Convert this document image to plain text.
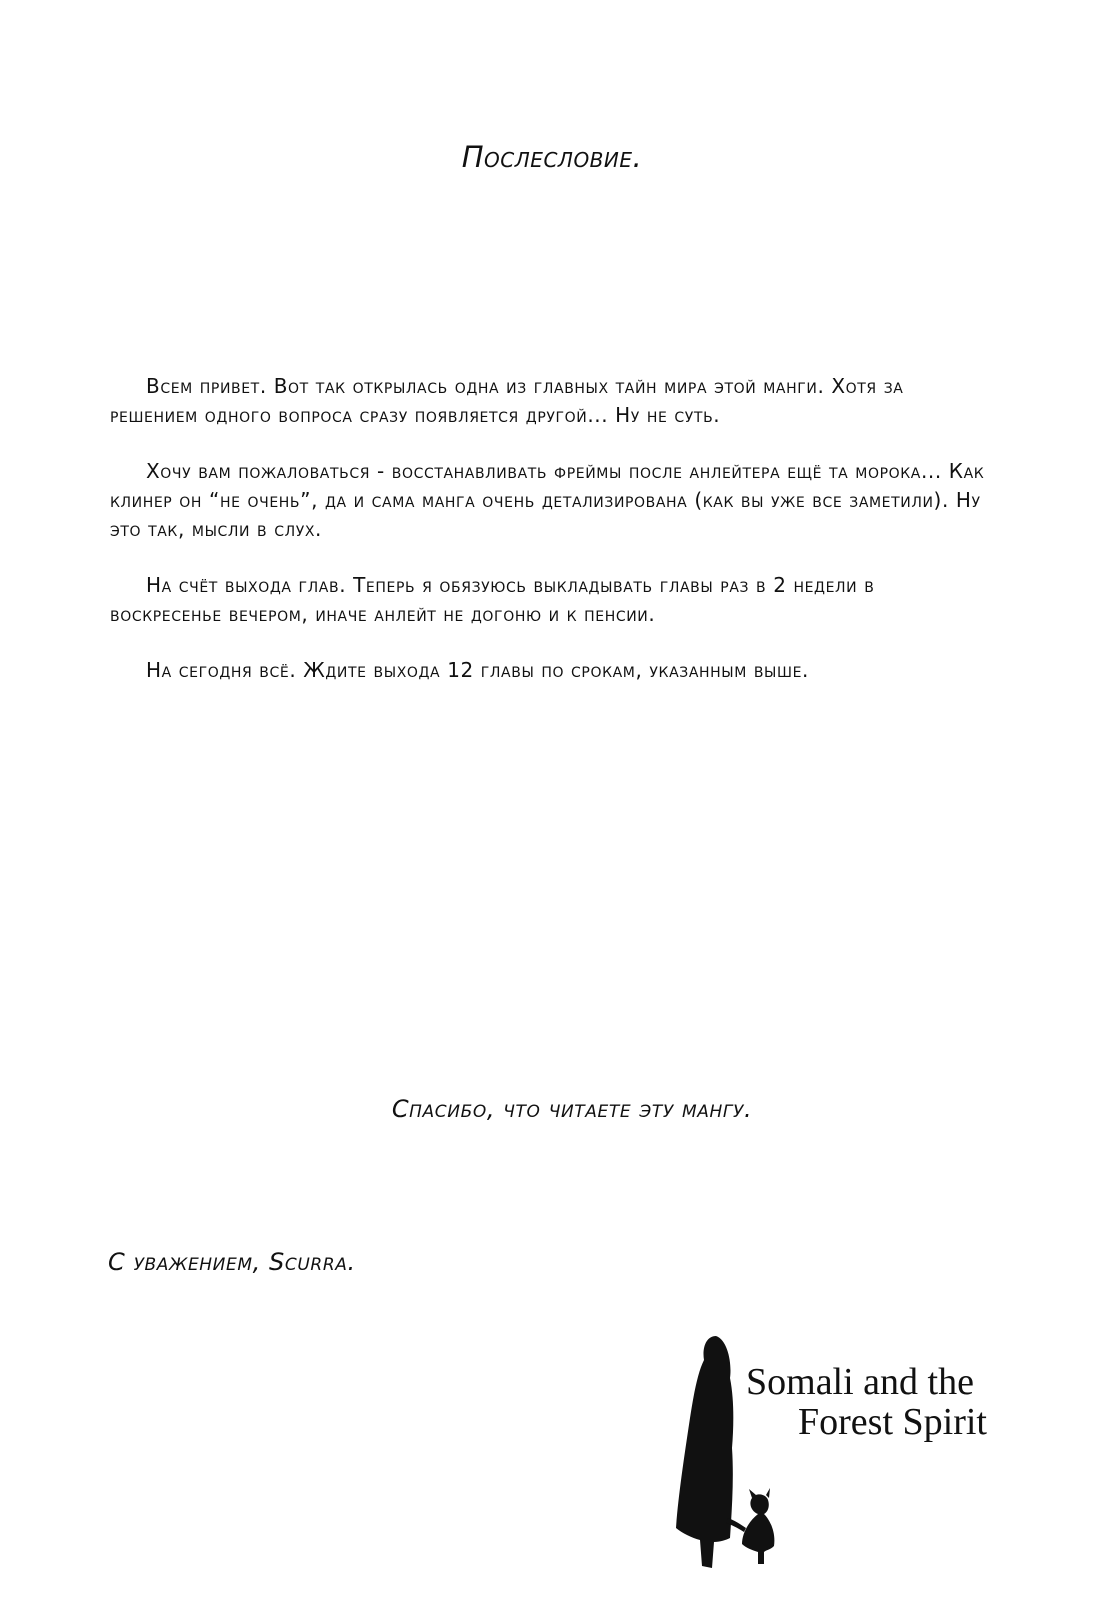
Послесловие.

Всем привет. Вот так открылась одна из главных тайн мира этой манги. Хотя за решением одного вопроса сразу появляется другой... Ну не суть.

Хочу вам пожаловаться - восстанавливать фреймы после анлейтера ещё та морока... Как клинер он “не очень”, да и сама манга очень детализирована (как вы уже все заметили). Ну это так, мысли в слух.

На счёт выхода глав. Теперь я обязуюсь выкладывать главы раз в 2 недели в воскресенье вечером, иначе анлейт не догоню и к пенсии.

На сегодня всё. Ждите выхода 12 главы по срокам, указанным выше.

Спасибо, что читаете эту мангу.
С уважением, Scurra.
Somali and the
Forest Spirit
